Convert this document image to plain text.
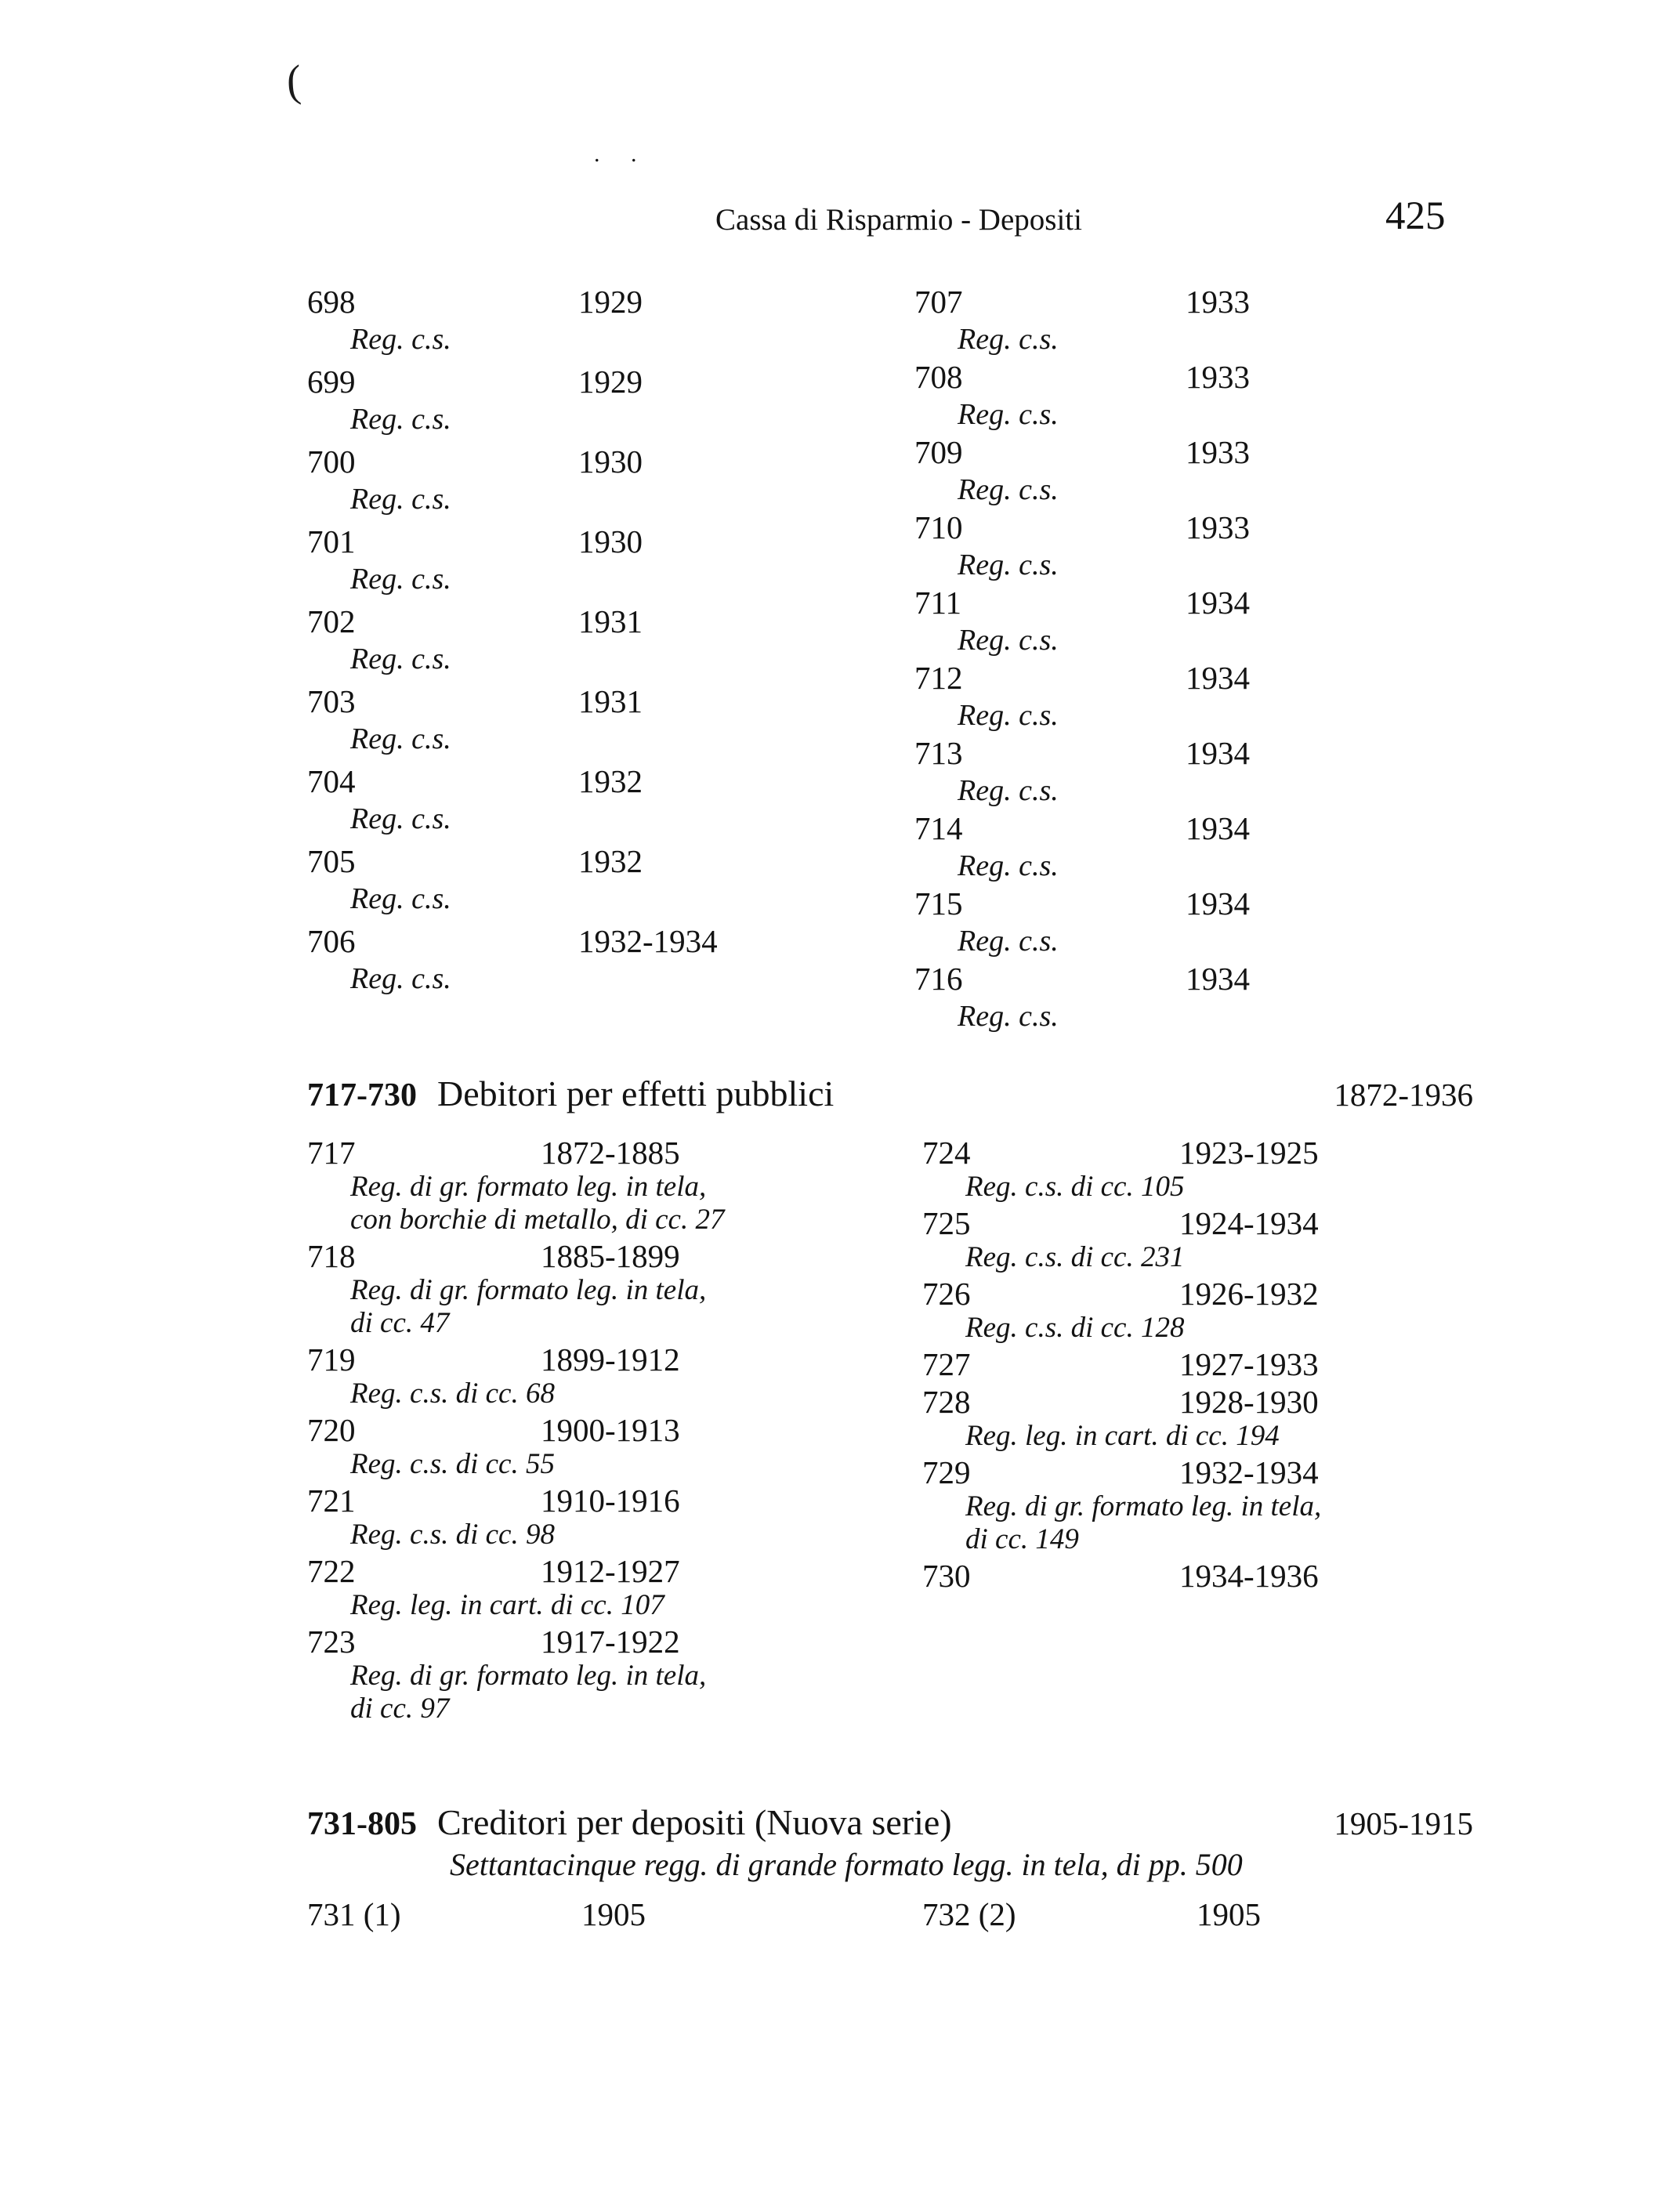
(
. .
Cassa di Risparmio - Depositi	425
698	1929
Reg. c.s.
699	1929
Reg. c.s.
700	1930
Reg. c.s.
701	1930
Reg. c.s.
702	1931
Reg. c.s.
703	1931
Reg. c.s.
704	1932
Reg. c.s.
705	1932
Reg. c.s.
706	1932-1934
Reg. c.s.
707	1933
Reg. c.s.
708	1933
Reg. c.s.
709	1933
Reg. c.s.
710	1933
Reg. c.s.
711	1934
Reg. c.s.
712	1934
Reg. c.s.
713	1934
Reg. c.s.
714	1934
Reg. c.s.
715	1934
Reg. c.s.
716	1934
Reg. c.s.
717-730 Debitori per effetti pubblici	1872-1936
717	1872-1885
Reg. di gr. formato leg. in tela,
con borchie di metallo, di cc. 27
718	1885-1899
Reg. di gr. formato leg. in tela,
di cc. 47
719	1899-1912
Reg. c.s. di cc. 68
720	1900-1913
Reg. c.s. di cc. 55
721	1910-1916
Reg. c.s. di cc. 98
722	1912-1927
Reg. leg. in cart. di cc. 107
723	1917-1922
Reg. di gr. formato leg. in tela,
di cc. 97
724	1923-1925
Reg. c.s. di cc. 105
725	1924-1934
Reg. c.s. di cc. 231
726	1926-1932
Reg. c.s. di cc. 128
727	1927-1933
728	1928-1930
Reg. leg. in cart. di cc. 194
729	1932-1934
Reg. di gr. formato leg. in tela,
di cc. 149
730	1934-1936
731-805 Creditori per depositi (Nuova serie)	1905-1915
Settantacinque regg. di grande formato legg. in tela, di pp. 500
731 (1)	1905	732 (2)	1905
